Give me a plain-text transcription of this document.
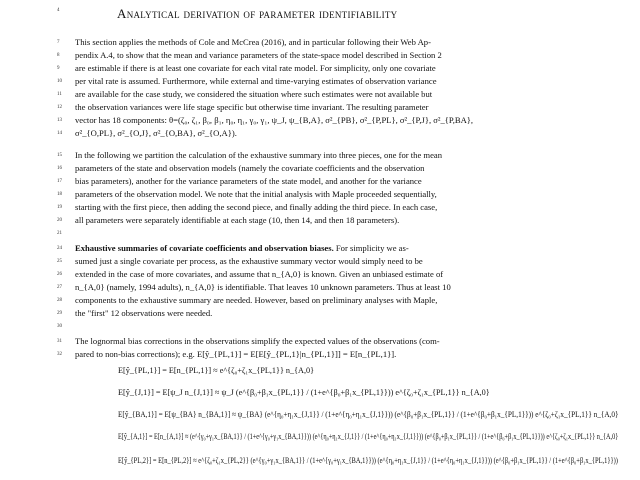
4	Analytical derivation of parameter identifiability
7
8
9
10
11
12
13
14

This section applies the methods of Cole and McCrea (2016), and in particular following their Web Ap-

pendix A.4, to show that the mean and variance parameters of the state-space model described in Section 2

are estimable if there is at least one covariate for each vital rate model. For simplicity, only one covariate

per vital rate is assumed. Furthermore, while external and time-varying estimates of observation variance

are available for the case study, we considered the situation where such estimates were not available but

the observation variances were life stage specific but otherwise time invariant. The resulting parameter

vector has 18 components: θ=(ζ₀, ζ₁, β₀, β₁, η₀, η₁, γ₀, γ₁, ψ_J, ψ_{B,A}, σ²_{PB}, σ²_{P,PL}, σ²_{P,J}, σ²_{P,BA},

σ²_{O,PL}, σ²_{O,J}, σ²_{O,BA}, σ²_{O,A}).

15
16
17
18
19
20
21

In the following we partition the calculation of the exhaustive summary into three pieces, one for the mean

parameters of the state and observation models (namely the covariate coefficients and the observation

bias parameters), another for the variance parameters of the state model, and another for the variance

parameters of the observation model. We note that the initial analysis with Maple proceeded sequentially,

starting with the first piece, then adding the second piece, and finally adding the third piece. In each case,

all parameters were separately identifiable at each stage (10, then 14, and then 18 parameters).

24
25
26
27
28
29
30

Exhaustive summaries of covariate coefficients and observation biases. For simplicity we as-

sumed just a single covariate per process, as the exhaustive summary vector would simply need to be

extended in the case of more covariates, and assume that n_{A,0} is known. Given an unbiased estimate of

n_{A,0} (namely, 1994 adults), n_{A,0} is identifiable. That leaves 10 unknown parameters. Thus at least 10

components to the exhaustive summary are needed. However, based on preliminary analyses with Maple,

the "first" 12 observations were needed.

31
32

The lognormal bias corrections in the observations simplify the expected values of the observations (com-

pared to non-bias corrections); e.g. E[ŷ_{PL,1}] = E[E[ŷ_{PL,1}|n_{PL,1}]] = E[n_{PL,1}].

E[ŷ_{PL,1}] = E[n_{PL,1}] ≈ e^{ζ₀+ζ₁x_{PL,1}} n_{A,0}
E[ŷ_{J,1}] = E[ψ_J n_{J,1}] ≈ ψ_J (e^{β₀+β₁x_{PL,1}} / (1+e^{β₀+β₁x_{PL,1}})) e^{ζ₀+ζ₁x_{PL,1}} n_{A,0}
E[ŷ_{BA,1}] = E[ψ_{BA} n_{BA,1}] ≈ ψ_{BA} (e^{η₀+η₁x_{J,1}} / (1+e^{η₀+η₁x_{J,1}})) (e^{β₀+β₁x_{PL,1}} / (1+e^{β₀+β₁x_{PL,1}})) e^{ζ₀+ζ₁x_{PL,1}} n_{A,0}
E[ŷ_{A,1}] = E[n_{A,1}] ≈ (e^{γ₀+γ₁x_{BA,1}} / (1+e^{γ₀+γ₁x_{BA,1}})) (e^{η₀+η₁x_{J,1}} / (1+e^{η₀+η₁x_{J,1}})) (e^{β₀+β₁x_{PL,1}} / (1+e^{β₀+β₁x_{PL,1}})) e^{ζ₀+ζ₁x_{PL,1}} n_{A,0}
E[ŷ_{PL,2}] = E[n_{PL,2}] ≈ e^{ζ₀+ζ₁x_{PL,2}} (e^{γ₀+γ₁x_{BA,1}} / (1+e^{γ₀+γ₁x_{BA,1}})) (e^{η₀+η₁x_{J,1}} / (1+e^{η₀+η₁x_{J,1}})) (e^{β₀+β₁x_{PL,1}} / (1+e^{β₀+β₁x_{PL,1}}))
